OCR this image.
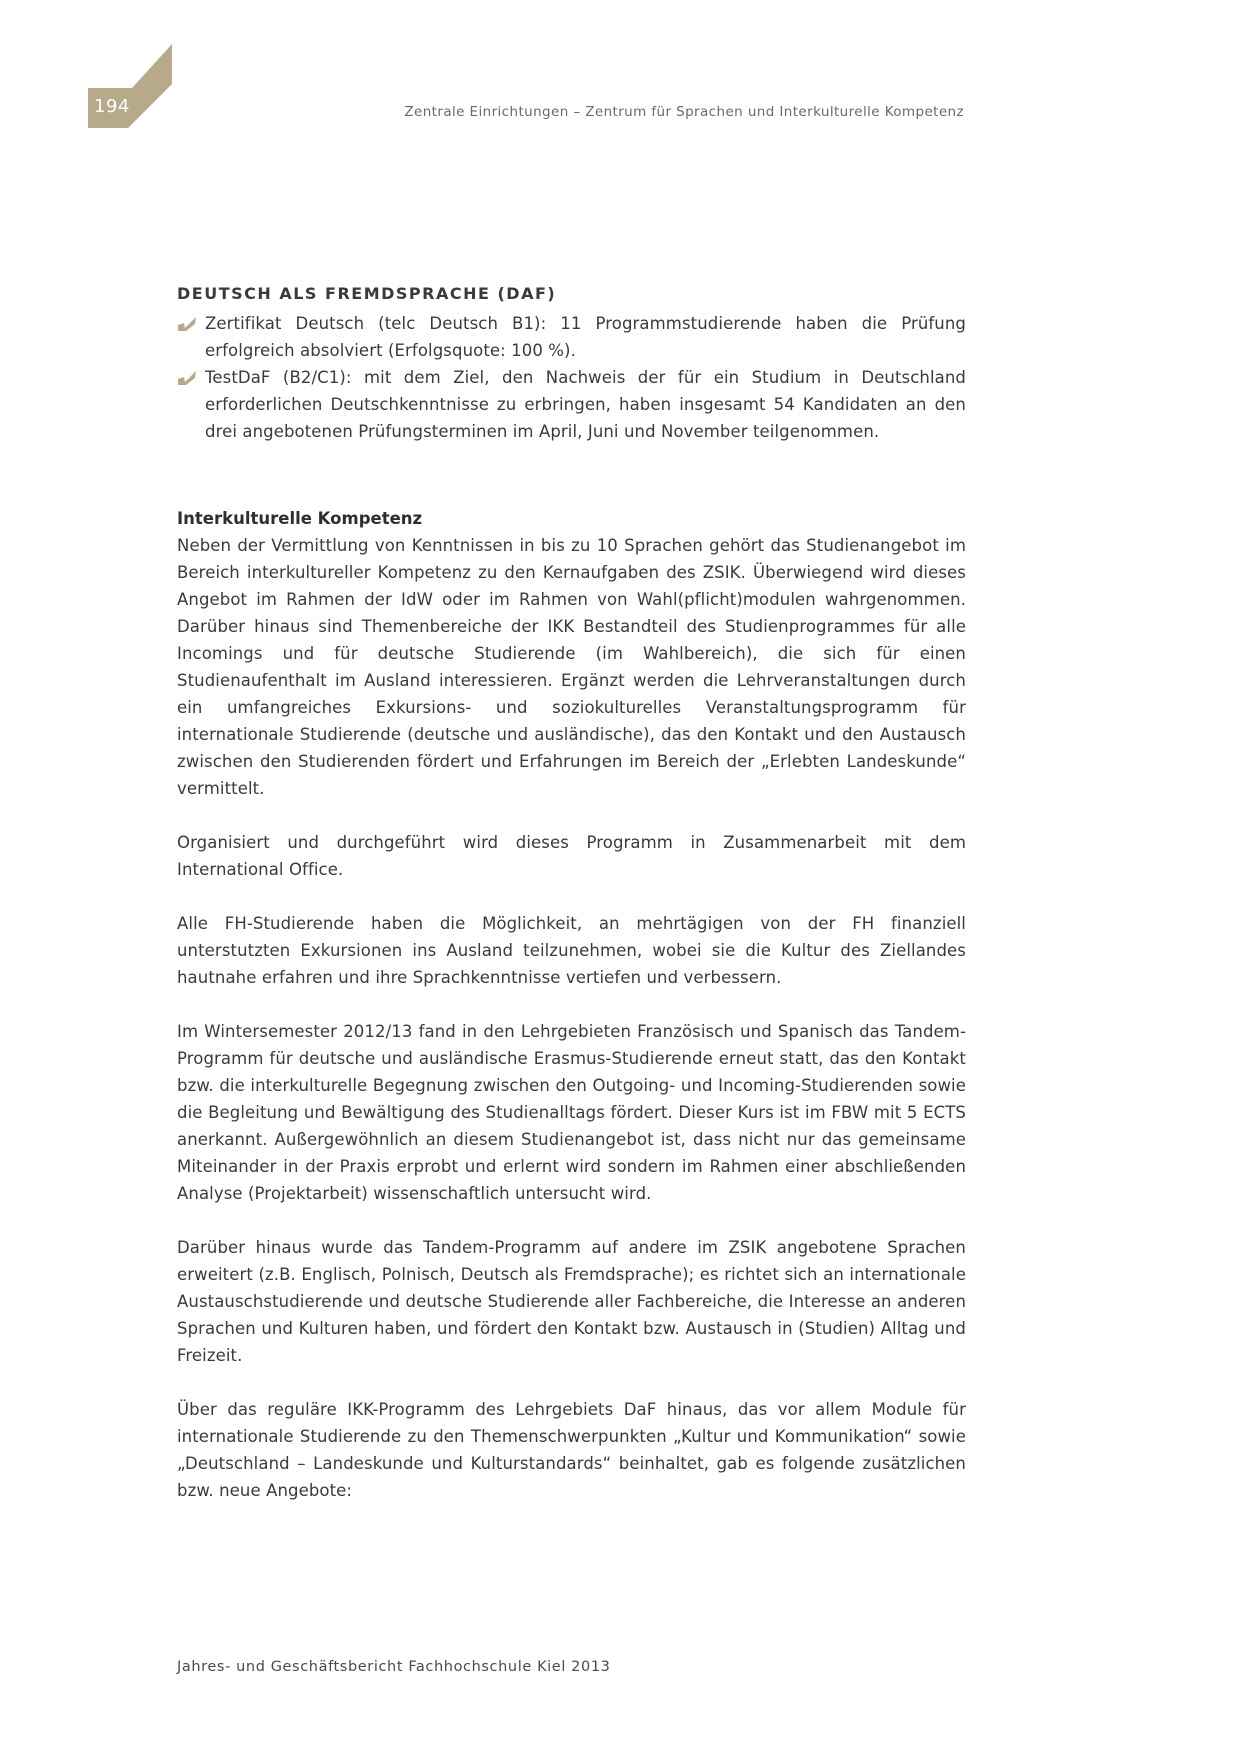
194	Zentrale Einrichtungen – Zentrum für Sprachen und Interkulturelle Kompetenz
DEUTSCH ALS FREMDSPRACHE (DAF)
Zertifikat Deutsch (telc Deutsch B1): 11 Programmstudierende haben die Prüfung erfolgreich absolviert (Erfolgsquote: 100 %).
TestDaF (B2/C1): mit dem Ziel, den Nachweis der für ein Studium in Deutschland erforderlichen Deutschkenntnisse zu erbringen, haben insgesamt 54 Kandidaten an den drei angebotenen Prüfungsterminen im April, Juni und November teilgenommen.
Interkulturelle Kompetenz

Neben der Vermittlung von Kenntnissen in bis zu 10 Sprachen gehört das Studienangebot im Bereich interkultureller Kompetenz zu den Kernaufgaben des ZSIK. Überwiegend wird dieses Angebot im Rahmen der IdW oder im Rahmen von Wahl(pflicht)modulen wahrgenommen. Darüber hinaus sind Themenbereiche der IKK Bestandteil des Studienprogrammes für alle Incomings und für deutsche Studierende (im Wahlbereich), die sich für einen Studienaufenthalt im Ausland interessieren. Ergänzt werden die Lehrveranstaltungen durch ein umfangreiches Exkursions- und soziokulturelles Veranstaltungsprogramm für internationale Studierende (deutsche und ausländische), das den Kontakt und den Austausch zwischen den Studierenden fördert und Erfahrungen im Bereich der „Erlebten Landeskunde“ vermittelt.

Organisiert und durchgeführt wird dieses Programm in Zusammenarbeit mit dem International Office.

Alle FH-Studierende haben die Möglichkeit, an mehrtägigen von der FH finanziell unterstutzten Exkursionen ins Ausland teilzunehmen, wobei sie die Kultur des Ziellandes hautnahe erfahren und ihre Sprachkenntnisse vertiefen und verbessern.

Im Wintersemester 2012/13 fand in den Lehrgebieten Französisch und Spanisch das Tandem-Programm für deutsche und ausländische Erasmus-Studierende erneut statt, das den Kontakt bzw. die interkulturelle Begegnung zwischen den Outgoing- und Incoming-Studierenden sowie die Begleitung und Bewältigung des Studienalltags fördert. Dieser Kurs ist im FBW mit 5 ECTS anerkannt. Außergewöhnlich an diesem Studienangebot ist, dass nicht nur das gemeinsame Miteinander in der Praxis erprobt und erlernt wird sondern im Rahmen einer abschließenden Analyse (Projektarbeit) wissenschaftlich untersucht wird.

Darüber hinaus wurde das Tandem-Programm auf andere im ZSIK angebotene Sprachen erweitert (z.B. Englisch, Polnisch, Deutsch als Fremdsprache); es richtet sich an internationale Austauschstudierende und deutsche Studierende aller Fachbereiche, die Interesse an anderen Sprachen und Kulturen haben, und fördert den Kontakt bzw. Austausch in (Studien) Alltag und Freizeit.

Über das reguläre IKK-Programm des Lehrgebiets DaF hinaus, das vor allem Module für internationale Studierende zu den Themenschwerpunkten „Kultur und Kommunikation“ sowie „Deutschland – Landeskunde und Kulturstandards“ beinhaltet, gab es folgende zusätzlichen bzw. neue Angebote:

Jahres- und Geschäftsbericht Fachhochschule Kiel 2013
